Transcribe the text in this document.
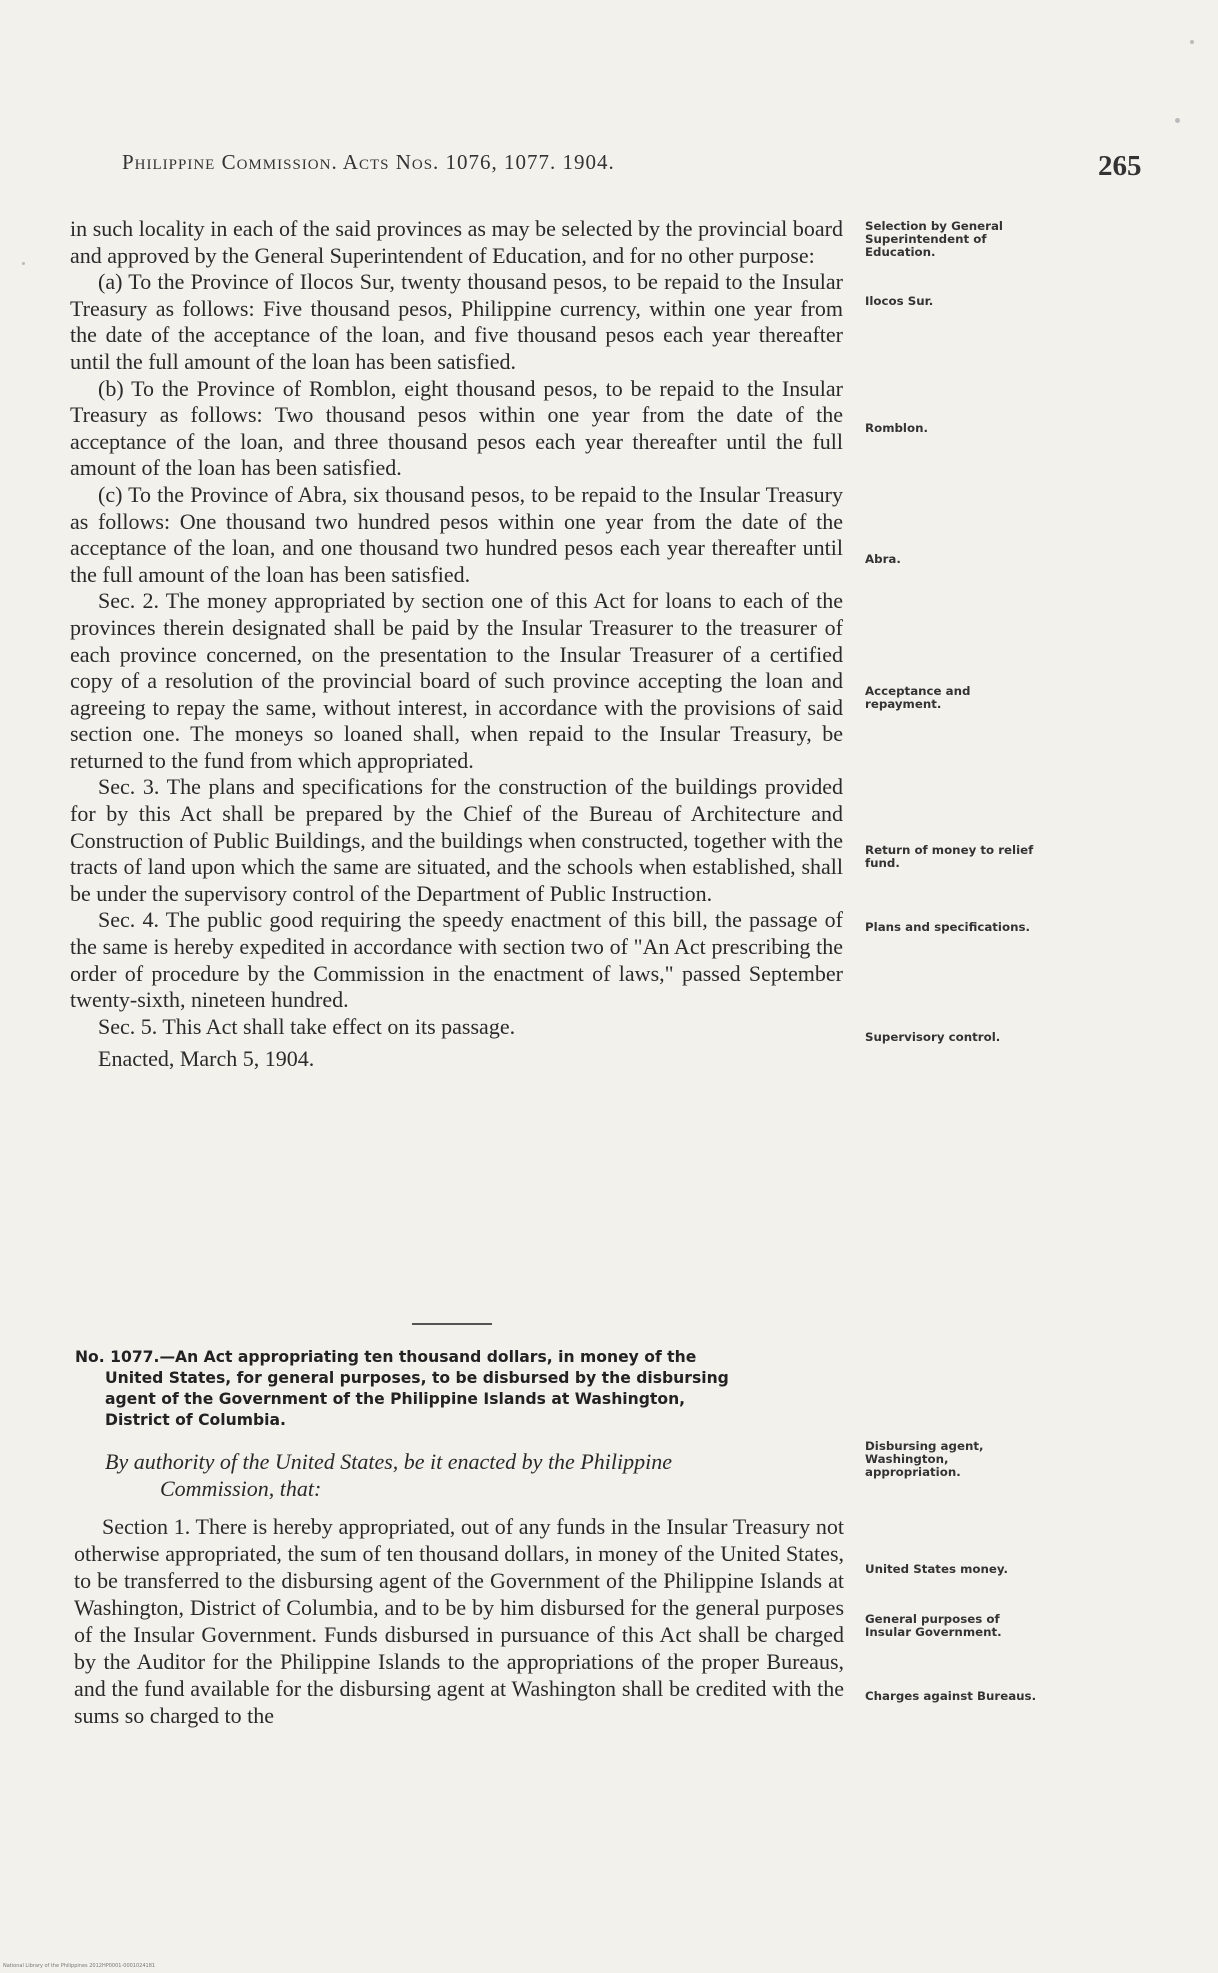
Philippine Commission. Acts Nos. 1076, 1077. 1904.	265

in such locality in each of the said provinces as may be selected by the provincial board and approved by the General Superintendent of Education, and for no other purpose:

(a) To the Province of Ilocos Sur, twenty thousand pesos, to be repaid to the Insular Treasury as follows: Five thousand pesos, Philippine currency, within one year from the date of the acceptance of the loan, and five thousand pesos each year thereafter until the full amount of the loan has been satisfied.

(b) To the Province of Romblon, eight thousand pesos, to be repaid to the Insular Treasury as follows: Two thousand pesos within one year from the date of the acceptance of the loan, and three thousand pesos each year thereafter until the full amount of the loan has been satisfied.

(c) To the Province of Abra, six thousand pesos, to be repaid to the Insular Treasury as follows: One thousand two hundred pesos within one year from the date of the acceptance of the loan, and one thousand two hundred pesos each year thereafter until the full amount of the loan has been satisfied.

Sec. 2. The money appropriated by section one of this Act for loans to each of the provinces therein designated shall be paid by the Insular Treasurer to the treasurer of each province concerned, on the presentation to the Insular Treasurer of a certified copy of a resolution of the provincial board of such province accepting the loan and agreeing to repay the same, without interest, in accordance with the provisions of said section one. The moneys so loaned shall, when repaid to the Insular Treasury, be returned to the fund from which appropriated.

Sec. 3. The plans and specifications for the construction of the buildings provided for by this Act shall be prepared by the Chief of the Bureau of Architecture and Construction of Public Buildings, and the buildings when constructed, together with the tracts of land upon which the same are situated, and the schools when established, shall be under the supervisory control of the Department of Public Instruction.

Sec. 4. The public good requiring the speedy enactment of this bill, the passage of the same is hereby expedited in accordance with section two of "An Act prescribing the order of procedure by the Commission in the enactment of laws," passed September twenty-sixth, nineteen hundred.

Sec. 5. This Act shall take effect on its passage.

Enacted, March 5, 1904.

No. 1077.—An Act appropriating ten thousand dollars, in money of the

United States, for general purposes, to be disbursed by the disbursing

agent of the Government of the Philippine Islands at Washington,

District of Columbia.

By authority of the United States, be it enacted by the Philippine
Commission, that:

Section 1. There is hereby appropriated, out of any funds in the Insular Treasury not otherwise appropriated, the sum of ten thousand dollars, in money of the United States, to be transferred to the disbursing agent of the Government of the Philippine Islands at Washington, District of Columbia, and to be by him disbursed for the general purposes of the Insular Government. Funds disbursed in pursuance of this Act shall be charged by the Auditor for the Philippine Islands to the appropriations of the proper Bureaus, and the fund available for the disbursing agent at Washington shall be credited with the sums so charged to the

Selection by General Superintendent of Education.
Ilocos Sur.
Romblon.
Abra.
Acceptance and repayment.
Return of money to relief fund.
Plans and specifications.
Supervisory control.
Disbursing agent, Washington, appropriation.
United States money.
General purposes of Insular Government.
Charges against Bureaus.
National Library of the Philippines 2012HP0001-0001024181
